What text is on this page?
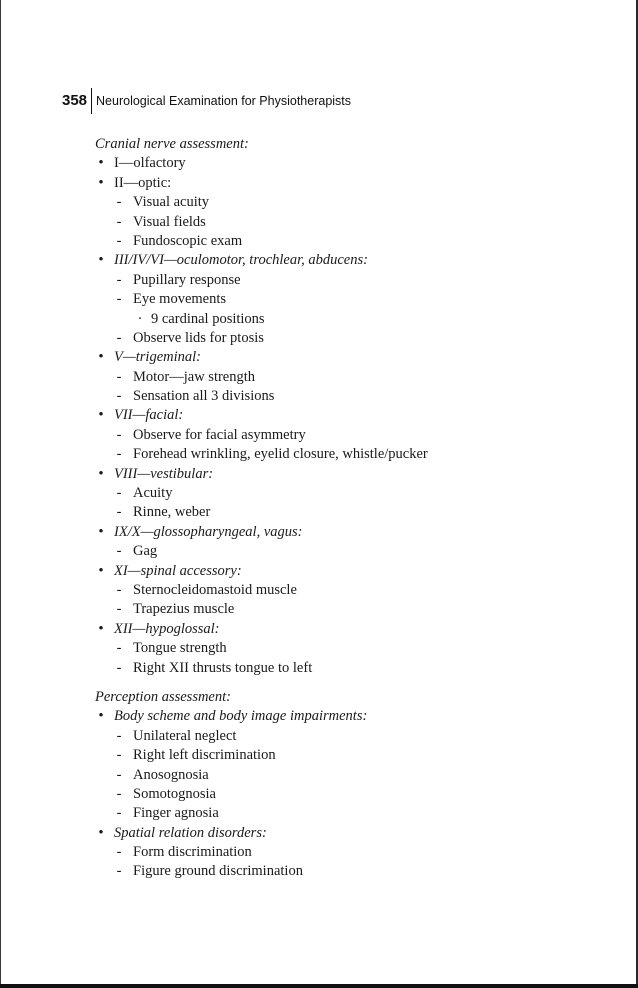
358 Neurological Examination for Physiotherapists
Cranial nerve assessment:
• I—olfactory
• II—optic:
- Visual acuity
- Visual fields
- Fundoscopic exam
• III/IV/VI—oculomotor, trochlear, abducens:
- Pupillary response
- Eye movements
· 9 cardinal positions
- Observe lids for ptosis
• V—trigeminal:
- Motor—jaw strength
- Sensation all 3 divisions
• VII—facial:
- Observe for facial asymmetry
- Forehead wrinkling, eyelid closure, whistle/pucker
• VIII—vestibular:
- Acuity
- Rinne, weber
• IX/X—glossopharyngeal, vagus:
- Gag
• XI—spinal accessory:
- Sternocleidomastoid muscle
- Trapezius muscle
• XII—hypoglossal:
- Tongue strength
- Right XII thrusts tongue to left
Perception assessment:
• Body scheme and body image impairments:
- Unilateral neglect
- Right left discrimination
- Anosognosia
- Somotognosia
- Finger agnosia
• Spatial relation disorders:
- Form discrimination
- Figure ground discrimination
